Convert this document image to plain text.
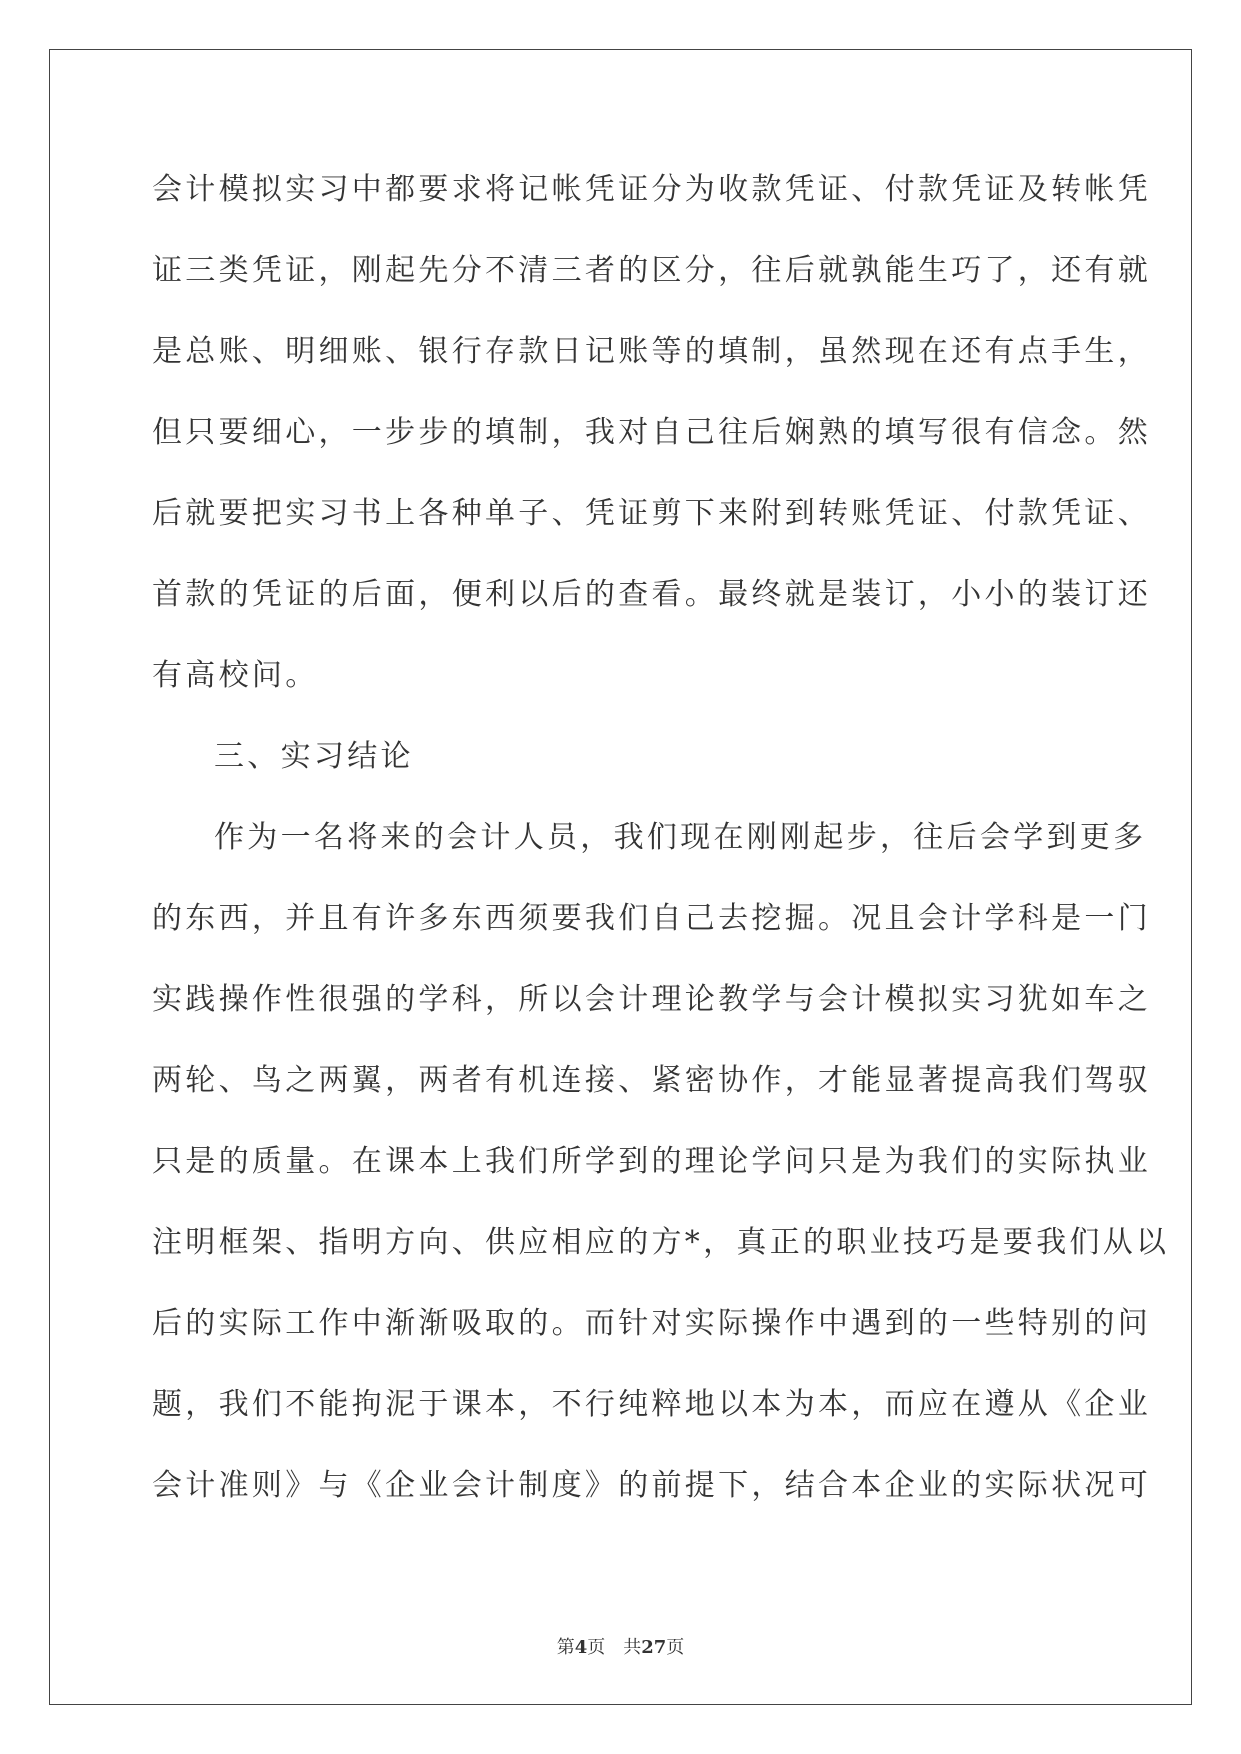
会计模拟实习中都要求将记帐凭证分为收款凭证、付款凭证及转帐凭
证三类凭证，刚起先分不清三者的区分，往后就孰能生巧了，还有就
是总账、明细账、银行存款日记账等的填制，虽然现在还有点手生，
但只要细心，一步步的填制，我对自己往后娴熟的填写很有信念。然
后就要把实习书上各种单子、凭证剪下来附到转账凭证、付款凭证、
首款的凭证的后面，便利以后的查看。最终就是装订，小小的装订还
有高校问。
三、实习结论
作为一名将来的会计人员，我们现在刚刚起步，往后会学到更多
的东西，并且有许多东西须要我们自己去挖掘。况且会计学科是一门
实践操作性很强的学科，所以会计理论教学与会计模拟实习犹如车之
两轮、鸟之两翼，两者有机连接、紧密协作，才能显著提高我们驾驭
只是的质量。在课本上我们所学到的理论学问只是为我们的实际执业
注明框架、指明方向、供应相应的方*，真正的职业技巧是要我们从以
后的实际工作中渐渐吸取的。而针对实际操作中遇到的一些特别的问
题，我们不能拘泥于课本，不行纯粹地以本为本，而应在遵从《企业
会计准则》与《企业会计制度》的前提下，结合本企业的实际状况可
第4页　共27页
